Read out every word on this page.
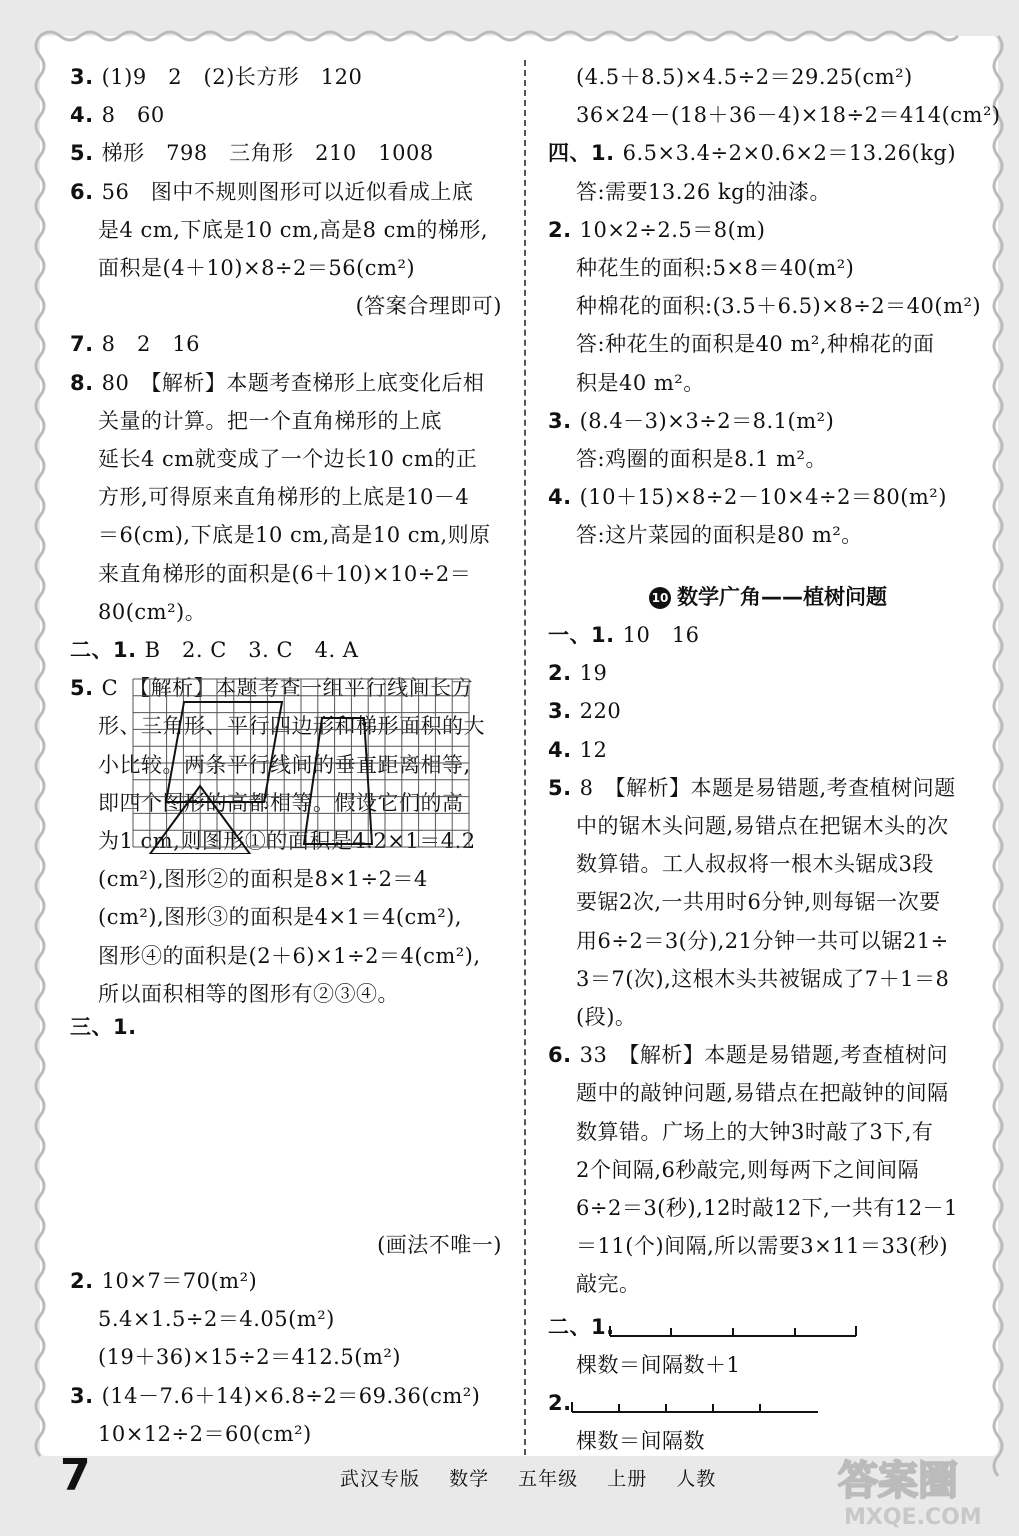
3. (1)9　2　(2)长方形　120
4. 8　60
5. 梯形　798　三角形　210　1008
6. 56　图中不规则图形可以近似看成上底
是4 cm,下底是10 cm,高是8 cm的梯形,
面积是(4＋10)×8÷2＝56(cm²)
(答案合理即可)
7. 8　2　16
8. 80　【解析】本题考查梯形上底变化后相
关量的计算。把一个直角梯形的上底
延长4 cm就变成了一个边长10 cm的正
方形,可得原来直角梯形的上底是10－4
＝6(cm),下底是10 cm,高是10 cm,则原
来直角梯形的面积是(6＋10)×10÷2＝
80(cm²)。
二、1. B　2. C　3. C　4. A
5. C　【解析】本题考查一组平行线间长方
形、三角形、平行四边形和梯形面积的大
小比较。两条平行线间的垂直距离相等,
即四个图形的高都相等。假设它们的高
为1 cm,则图形①的面积是4.2×1＝4.2
(cm²),图形②的面积是8×1÷2＝4
(cm²),图形③的面积是4×1＝4(cm²),
图形④的面积是(2＋6)×1÷2＝4(cm²),
所以面积相等的图形有②③④。
三、1.
(画法不唯一)
2. 10×7＝70(m²)
5.4×1.5÷2＝4.05(m²)
(19＋36)×15÷2＝412.5(m²)
3. (14－7.6＋14)×6.8÷2＝69.36(cm²)
10×12÷2＝60(cm²)
(4.5＋8.5)×4.5÷2＝29.25(cm²)
36×24－(18＋36－4)×18÷2＝414(cm²)
四、1. 6.5×3.4÷2×0.6×2＝13.26(kg)
答:需要13.26 kg的油漆。
2. 10×2÷2.5＝8(m)
种花生的面积:5×8＝40(m²)
种棉花的面积:(3.5＋6.5)×8÷2＝40(m²)
答:种花生的面积是40 m²,种棉花的面
积是40 m²。
3. (8.4－3)×3÷2＝8.1(m²)
答:鸡圈的面积是8.1 m²。
4. (10＋15)×8÷2－10×4÷2＝80(m²)
答:这片菜园的面积是80 m²。
10 数学广角——植树问题
一、1. 10　16
2. 19
3. 220
4. 12
5. 8　【解析】本题是易错题,考查植树问题
中的锯木头问题,易错点在把锯木头的次
数算错。工人叔叔将一根木头锯成3段
要锯2次,一共用时6分钟,则每锯一次要
用6÷2＝3(分),21分钟一共可以锯21÷
3＝7(次),这根木头共被锯成了7＋1＝8
(段)。
6. 33　【解析】本题是易错题,考查植树问
题中的敲钟问题,易错点在把敲钟的间隔
数算错。广场上的大钟3时敲了3下,有
2个间隔,6秒敲完,则每两下之间间隔
6÷2＝3(秒),12时敲12下,一共有12－1
＝11(个)间隔,所以需要3×11＝33(秒)
敲完。
二、1.
棵数＝间隔数＋1
2.
棵数＝间隔数
7	武汉专版 数学 五年级 上册 人教	答案圈
MXQE.COM
